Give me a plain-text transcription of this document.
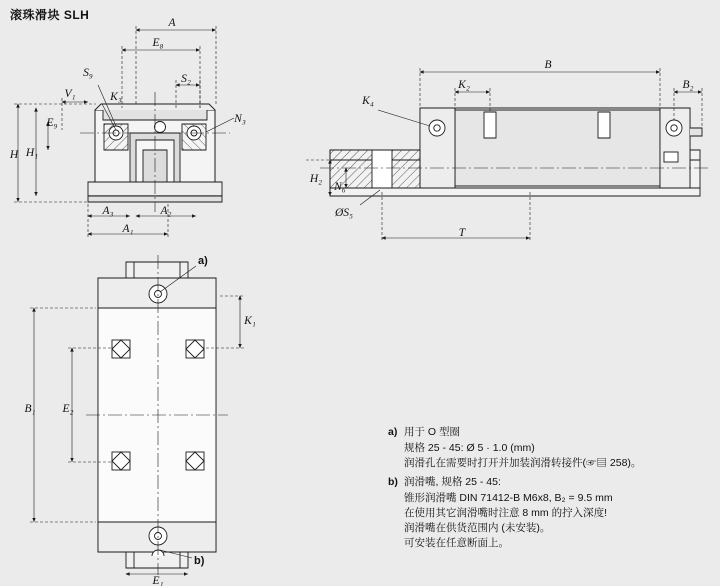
滚珠滑块 SLH
A
E₈
S₉	S₂
V₁	K₃
N₃
E₉
H H₁
A₃	A₂
A₁
B
K₂	B₂
K₄
H₂
N₆
ØS₅
T
K₁
B₁ E₂
E₁
a)
b)
a) 用于 O 型圈
规格 25 - 45: Ø 5 · 1.0 (mm)
润滑孔在需要时打开并加装润滑转接件(☞▤ 258)。
b) 润滑嘴, 规格 25 - 45:
锥形润滑嘴 DIN 71412-B M6x8, B₂ = 9.5 mm
在使用其它润滑嘴时注意 8 mm 的拧入深度!
润滑嘴在供货范围内 (未安装)。
可安装在任意断面上。
